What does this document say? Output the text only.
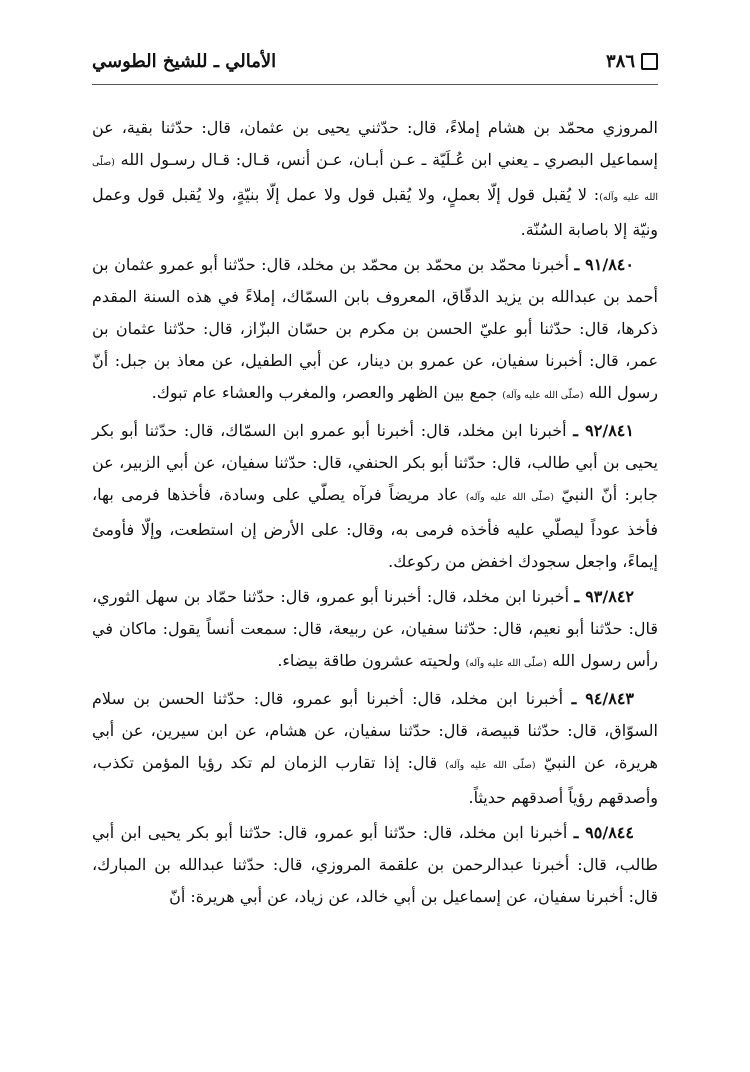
٣٨٦
الأمالي ـ للشيخ الطوسي

المروزي محمّد بن هشام إملاءً، قال: حدّثني يحيى بن عثمان، قال: حدّثنا بقية، عن إسماعيل البصري ـ يعني ابن عُـلَيّة ـ عـن أبـان، عـن أنس، قـال: قـال رسـول الله (صلّى الله عليه وآله): لا يُقبل قول إلّا بعملٍ، ولا يُقبل قول ولا عمل إلّا بنيّةٍ، ولا يُقبل قول وعمل ونيّة إلا باصابة السُنّة.

٩١/٨٤٠ ـ أخبرنا محمّد بن محمّد بن محمّد بن مخلد، قال: حدّثنا أبو عمرو عثمان بن أحمد بن عبدالله بن يزيد الدقّاق، المعروف بابن السمّاك، إملاءً في هذه السنة المقدم ذكرها، قال: حدّثنا أبو عليّ الحسن بن مكرم بن حسّان البزّاز، قال: حدّثنا عثمان بن عمر، قال: أخبرنا سفيان، عن عمرو بن دينار، عن أبي الطفيل، عن معاذ بن جبل: أنّ رسول الله (صلّى الله عليه وآله) جمع بين الظهر والعصر، والمغرب والعشاء عام تبوك.

٩٢/٨٤١ ـ أخبرنا ابن مخلد، قال: أخبرنا أبو عمرو ابن السمّاك، قال: حدّثنا أبو بكر يحيى بن أبي طالب، قال: حدّثنا أبو بكر الحنفي، قال: حدّثنا سفيان، عن أبي الزبير، عن جابر: أنّ النبيّ (صلّى الله عليه وآله) عاد مريضاً فرآه يصلّي على وسادة، فأخذها فرمى بها، فأخذ عوداً ليصلّي عليه فأخذه فرمى به، وقال: على الأرض إن استطعت، وإلّا فأومئ إيماءً، واجعل سجودك اخفض من ركوعك.

٩٣/٨٤٢ ـ أخبرنا ابن مخلد، قال: أخبرنا أبو عمرو، قال: حدّثنا حمّاد بن سهل الثوري، قال: حدّثنا أبو نعيم، قال: حدّثنا سفيان، عن ربيعة، قال: سمعت أنساً يقول: ماكان في رأس رسول الله (صلّى الله عليه وآله) ولحيته عشرون طاقة بيضاء.

٩٤/٨٤٣ ـ أخبرنا ابن مخلد، قال: أخبرنا أبو عمرو، قال: حدّثنا الحسن بن سلام السوّاق، قال: حدّثنا قبيصة، قال: حدّثنا سفيان، عن هشام، عن ابن سيرين، عن أبي هريرة، عن النبيّ (صلّى الله عليه وآله) قال: إذا تقارب الزمان لم تكد رؤيا المؤمن تكذب، وأصدقهم رؤياً أصدقهم حديثاً.

٩٥/٨٤٤ ـ أخبرنا ابن مخلد، قال: حدّثنا أبو عمرو، قال: حدّثنا أبو بكر يحيى ابن أبي طالب، قال: أخبرنا عبدالرحمن بن علقمة المروزي، قال: حدّثنا عبدالله بن المبارك، قال: أخبرنا سفيان، عن إسماعيل بن أبي خالد، عن زياد، عن أبي هريرة: أنّ
